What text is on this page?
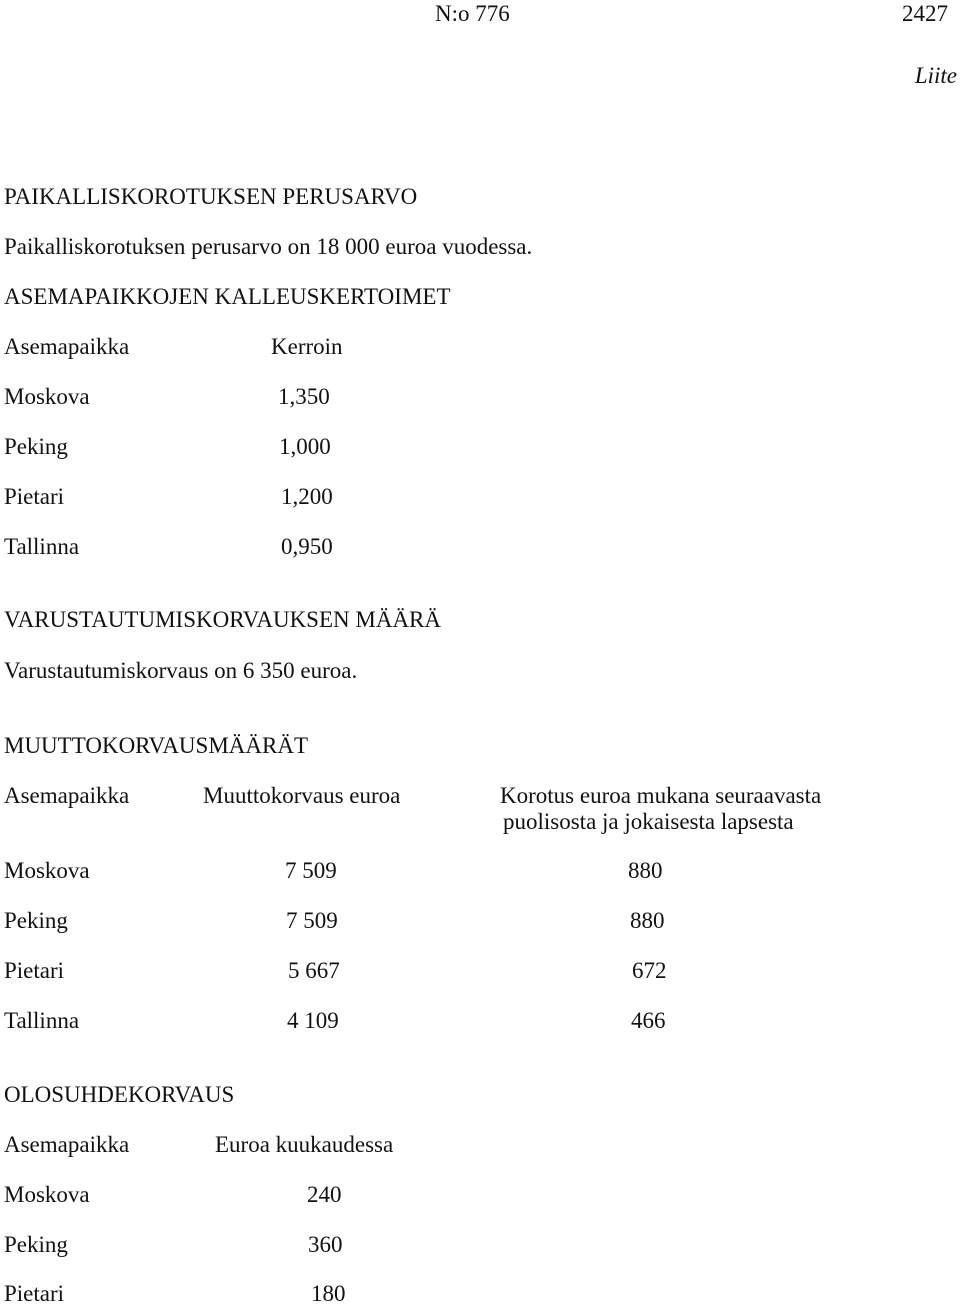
N:o 776	2427

Liite

PAIKALLISKOROTUKSEN PERUSARVO

Paikalliskorotuksen perusarvo on 18 000 euroa vuodessa.

ASEMAPAIKKOJEN KALLEUSKERTOIMET

Asemapaikka	Kerroin

Moskova	1,350

Peking	1,000

Pietari	1,200

Tallinna	0,950

VARUSTAUTUMISKORVAUKSEN MÄÄRÄ

Varustautumiskorvaus on 6 350 euroa.

MUUTTOKORVAUSMÄÄRÄT

Asemapaikka	Muuttokorvaus euroa	Korotus euroa mukana seuraavasta

puolisosta ja jokaisesta lapsesta

Moskova	7 509	880

Peking	7 509	880

Pietari	5 667	672

Tallinna	4 109	466

OLOSUHDEKORVAUS

Asemapaikka	Euroa kuukaudessa

Moskova	240

Peking	360

Pietari	180
